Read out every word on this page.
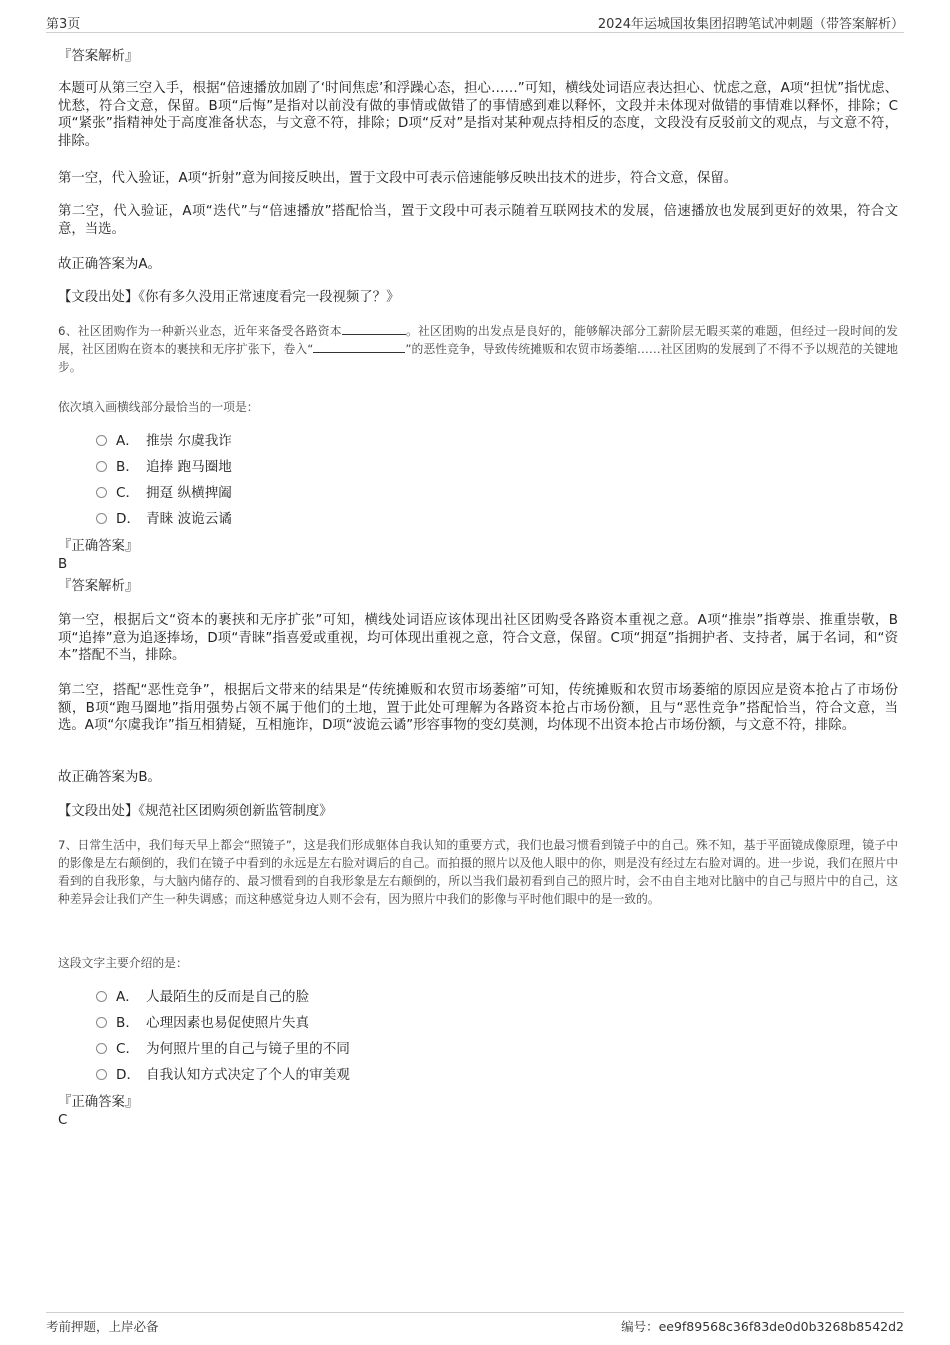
第3页	2024年运城国妆集团招聘笔试冲刺题（带答案解析）
『答案解析』

本题可从第三空入手，根据“倍速播放加剧了‘时间焦虑’和浮躁心态，担心……”可知，横线处词语应表达担心、忧虑之意，A项“担忧”指忧虑、忧愁，符合文意，保留。B项“后悔”是指对以前没有做的事情或做错了的事情感到难以释怀，文段并未体现对做错的事情难以释怀，排除；C项“紧张”指精神处于高度准备状态，与文意不符，排除；D项“反对”是指对某种观点持相反的态度，文段没有反驳前文的观点，与文意不符，排除。

第一空，代入验证，A项“折射”意为间接反映出，置于文段中可表示倍速能够反映出技术的进步，符合文意，保留。

第二空，代入验证，A项“迭代”与“倍速播放”搭配恰当，置于文段中可表示随着互联网技术的发展，倍速播放也发展到更好的效果，符合文意，当选。

故正确答案为A。

【文段出处】《你有多久没用正常速度看完一段视频了？》

6、社区团购作为一种新兴业态，近年来备受各路资本	。社区团购的出发点是良好的，能够解决部分工薪阶层无暇买菜的难题，但经过一段时间的发展，社区团购在资本的裹挟和无序扩张下，卷入“	”的恶性竞争，导致传统摊贩和农贸市场萎缩……社区团购的发展到了不得不予以规范的关键地步。

依次填入画横线部分最恰当的一项是：

A． 推崇 尔虞我诈
B． 追捧 跑马圈地
C． 拥趸 纵横捭阖
D． 青睐 波诡云谲
『正确答案』
B
『答案解析』

第一空，根据后文“资本的裹挟和无序扩张”可知，横线处词语应该体现出社区团购受各路资本重视之意。A项“推崇”指尊崇、推重崇敬，B项“追捧”意为追逐捧场，D项“青睐”指喜爱或重视，均可体现出重视之意，符合文意，保留。C项“拥趸”指拥护者、支持者，属于名词，和“资本”搭配不当，排除。

第二空，搭配“恶性竞争”，根据后文带来的结果是“传统摊贩和农贸市场萎缩”可知，传统摊贩和农贸市场萎缩的原因应是资本抢占了市场份额，B项“跑马圈地”指用强势占领不属于他们的土地，置于此处可理解为各路资本抢占市场份额，且与“恶性竞争”搭配恰当，符合文意，当选。A项“尔虞我诈”指互相猜疑，互相施诈，D项“波诡云谲”形容事物的变幻莫测，均体现不出资本抢占市场份额，与文意不符，排除。

故正确答案为B。

【文段出处】《规范社区团购须创新监管制度》

7、日常生活中，我们每天早上都会“照镜子”，这是我们形成躯体自我认知的重要方式，我们也最习惯看到镜子中的自己。殊不知，基于平面镜成像原理，镜子中的影像是左右颠倒的，我们在镜子中看到的永远是左右脸对调后的自己。而拍摄的照片以及他人眼中的你，则是没有经过左右脸对调的。进一步说，我们在照片中看到的自我形象，与大脑内储存的、最习惯看到的自我形象是左右颠倒的，所以当我们最初看到自己的照片时，会不由自主地对比脑中的自己与照片中的自己，这种差异会让我们产生一种失调感；而这种感觉身边人则不会有，因为照片中我们的影像与平时他们眼中的是一致的。

这段文字主要介绍的是：

A． 人最陌生的反而是自己的脸
B． 心理因素也易促使照片失真
C． 为何照片里的自己与镜子里的不同
D． 自我认知方式决定了个人的审美观
『正确答案』
C
考前押题，上岸必备	编号：ee9f89568c36f83de0d0b3268b8542d2
